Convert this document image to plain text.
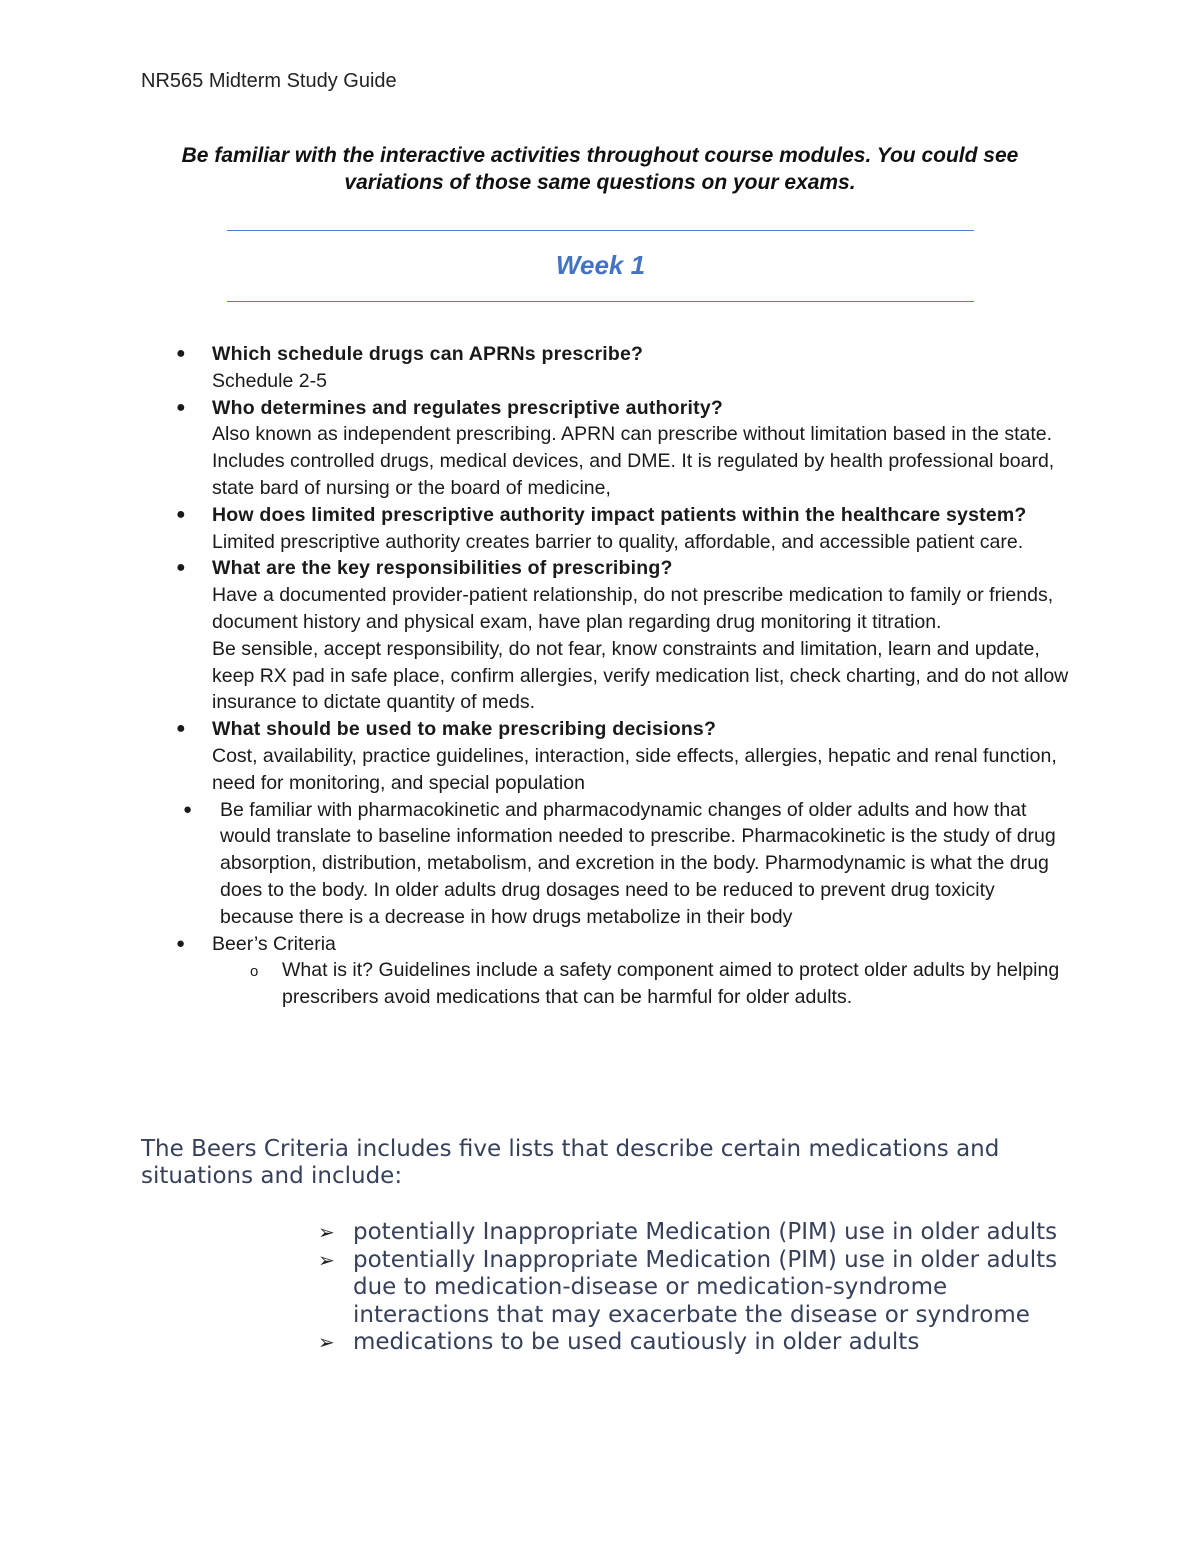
NR565 Midterm Study Guide
Be familiar with the interactive activities throughout course modules. You could see variations of those same questions on your exams.
Week 1
● Which schedule drugs can APRNs prescribe?
Schedule 2-5
● Who determines and regulates prescriptive authority?
Also known as independent prescribing. APRN can prescribe without limitation based in the state. Includes controlled drugs, medical devices, and DME. It is regulated by health professional board, state bard of nursing or the board of medicine,
● How does limited prescriptive authority impact patients within the healthcare system?
Limited prescriptive authority creates barrier to quality, affordable, and accessible patient care.
● What are the key responsibilities of prescribing?
Have a documented provider-patient relationship, do not prescribe medication to family or friends, document history and physical exam, have plan regarding drug monitoring it titration.
Be sensible, accept responsibility, do not fear, know constraints and limitation, learn and update, keep RX pad in safe place, confirm allergies, verify medication list, check charting, and do not allow insurance to dictate quantity of meds.
● What should be used to make prescribing decisions?
Cost, availability, practice guidelines, interaction, side effects, allergies, hepatic and renal function, need for monitoring, and special population
● Be familiar with pharmacokinetic and pharmacodynamic changes of older adults and how that would translate to baseline information needed to prescribe. Pharmacokinetic is the study of drug absorption, distribution, metabolism, and excretion in the body. Pharmodynamic is what the drug does to the body. In older adults drug dosages need to be reduced to prevent drug toxicity because there is a decrease in how drugs metabolize in their body
● Beer’s Criteria
o What is it? Guidelines include a safety component aimed to protect older adults by helping prescribers avoid medications that can be harmful for older adults.
The Beers Criteria includes five lists that describe certain medications and situations and include:
➢ potentially Inappropriate Medication (PIM) use in older adults
➢ potentially Inappropriate Medication (PIM) use in older adults due to medication-disease or medication-syndrome interactions that may exacerbate the disease or syndrome
➢ medications to be used cautiously in older adults
